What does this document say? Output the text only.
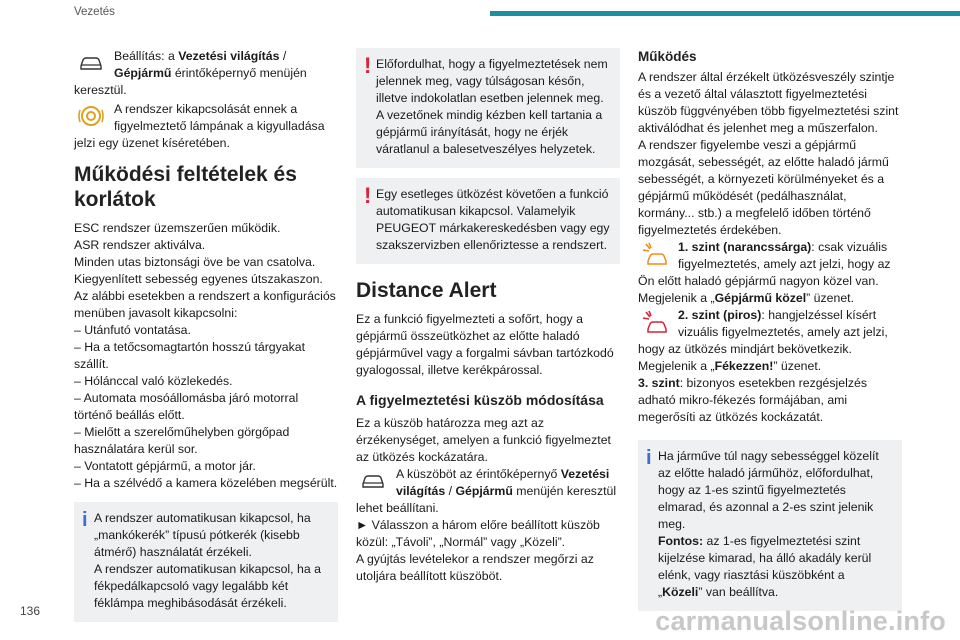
Vezetés

Beállítás: a Vezetési világítás / Gépjármű érintőképernyő menüjén keresztül.

A rendszer kikapcsolását ennek a figyelmeztető lámpának a kigyulladása jelzi egy üzenet kíséretében.

Működési feltételek és korlátok

ESC rendszer üzemszerűen működik.

ASR rendszer aktiválva.

Minden utas biztonsági öve be van csatolva.

Kiegyenlített sebesség egyenes útszakaszon.

Az alábbi esetekben a rendszert a konfigurációs menüben javasolt kikapcsolni:

– Utánfutó vontatása.

– Ha a tetőcsomagtartón hosszú tárgyakat szállít.

– Hólánccal való közlekedés.

– Automata mosóállomásba járó motorral történő beállás előtt.

– Mielőtt a szerelőműhelyben görgőpad használatára kerül sor.

– Vontatott gépjármű, a motor jár.

– Ha a szélvédő a kamera közelében megsérült.

i A rendszer automatikusan kikapcsol, ha „mankókerék” típusú pótkerék (kisebb átmérő) használatát érzékeli.
A rendszer automatikusan kikapcsol, ha a fékpedálkapcsoló vagy legalább két féklámpa meghibásodását érzékeli.

! Előfordulhat, hogy a figyelmeztetések nem jelennek meg, vagy túlságosan későn, illetve indokolatlan esetben jelennek meg.
A vezetőnek mindig kézben kell tartania a gépjármű irányítását, hogy ne érjék váratlanul a balesetveszélyes helyzetek.

! Egy esetleges ütközést követően a funkció automatikusan kikapcsol. Valamelyik PEUGEOT márkakereskedésben vagy egy szakszervizben ellenőriztesse a rendszert.

Distance Alert

Ez a funkció figyelmezteti a sofőrt, hogy a gépjármű összeütközhet az előtte haladó gépjárművel vagy a forgalmi sávban tartózkodó gyalogossal, illetve kerékpárossal.

A figyelmeztetési küszöb módosítása

Ez a küszöb határozza meg azt az érzékenységet, amelyen a funkció figyelmeztet az ütközés kockázatára.

A küszöböt az érintőképernyő Vezetési világítás / Gépjármű menüjén keresztül lehet beállítani.

► Válasszon a három előre beállított küszöb közül: „Távoli”, „Normál” vagy „Közeli”.

A gyújtás levételekor a rendszer megőrzi az utoljára beállított küszöböt.

Működés

A rendszer által érzékelt ütközésveszély szintje és a vezető által választott figyelmeztetési küszöb függvényében több figyelmeztetési szint aktiválódhat és jelenhet meg a műszerfalon.
A rendszer figyelembe veszi a gépjármű mozgását, sebességét, az előtte haladó jármű sebességét, a környezeti körülményeket és a gépjármű működését (pedálhasználat, kormány... stb.) a megfelelő időben történő figyelmeztetés érdekében.

1. szint (narancssárga): csak vizuális figyelmeztetés, amely azt jelzi, hogy az Ön előtt haladó gépjármű nagyon közel van.

Megjelenik a „Gépjármű közel” üzenet.

2. szint (piros): hangjelzéssel kísért vizuális figyelmeztetés, amely azt jelzi, hogy az ütközés mindjárt bekövetkezik.

Megjelenik a „Fékezzen!” üzenet.

3. szint: bizonyos esetekben rezgésjelzés adható mikro-fékezés formájában, ami megerősíti az ütközés kockázatát.

i Ha járműve túl nagy sebességgel közelít az előtte haladó járműhöz, előfordulhat, hogy az 1-es szintű figyelmeztetés elmarad, és azonnal a 2-es szint jelenik meg.

Fontos: az 1-es figyelmeztetési szint kijelzése kimarad, ha álló akadály kerül elénk, vagy riasztási küszöbként a „Közeli” van beállítva.

136	carmanualsonline.info
